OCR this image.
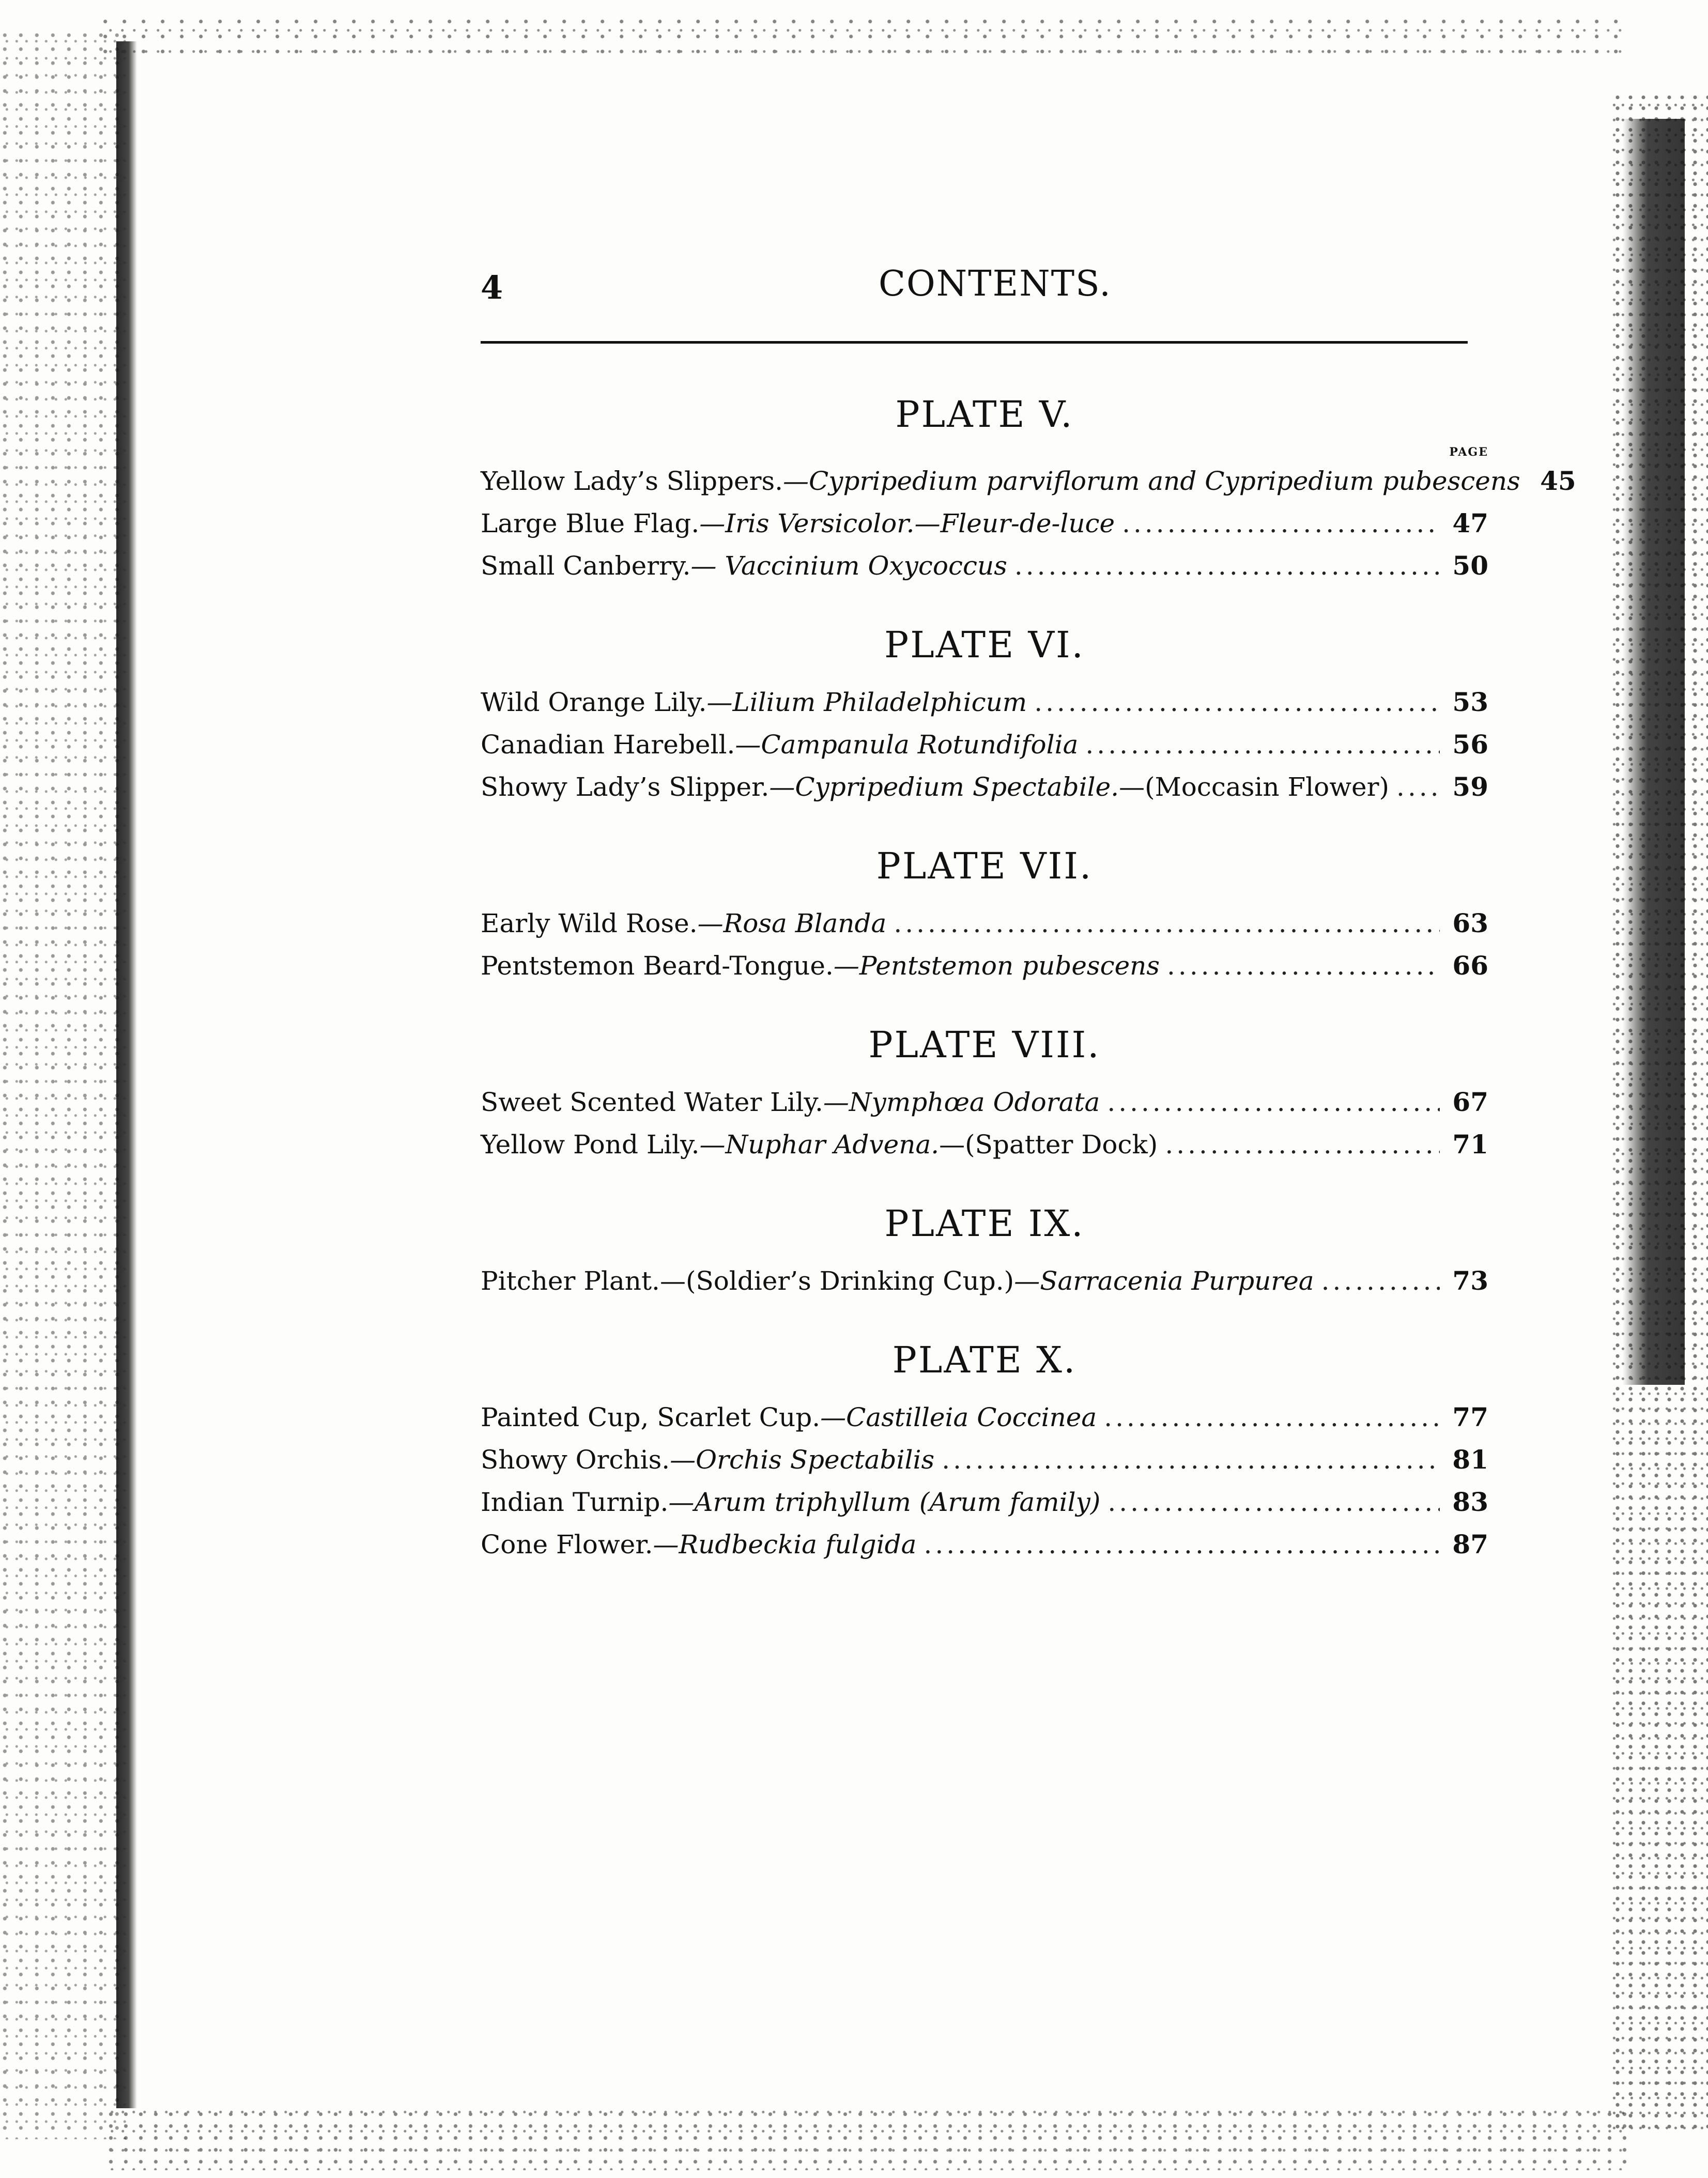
4	CONTENTS.
PLATE V.
PAGE
Yellow Lady’s Slippers. —Cypripedium parviflorum and Cypripedium pubescens 45
Large Blue Flag. —Iris Versicolor.—Fleur-de-luce .....	47
Small Canberry. — Vaccinium Oxycoccus .....	50
PLATE VI.
Wild Orange Lily. —Lilium Philadelphicum .....	53
Canadian Harebell. —Campanula Rotundifolia .....	56
Showy Lady’s Slipper. —Cypripedium Spectabile. —(Moccasin Flower) ..... 59
PLATE VII.
Early Wild Rose. —Rosa Blanda .....	63
Pentstemon Beard-Tongue. —Pentstemon pubescens .....	66
PLATE VIII.
Sweet Scented Water Lily. —Nymphœa Odorata .....	67
Yellow Pond Lily. —Nuphar Advena. —(Spatter Dock) .....	71
PLATE IX.
Pitcher Plant.—(Soldier’s Drinking Cup.) —Sarracenia Purpurea .....	73
PLATE X.
Painted Cup, Scarlet Cup. —Castilleia Coccinea .....	77
Showy Orchis. —Orchis Spectabilis .....	81
Indian Turnip. —Arum triphyllum (Arum family) .....	83
Cone Flower. —Rudbeckia fulgida .....	87
